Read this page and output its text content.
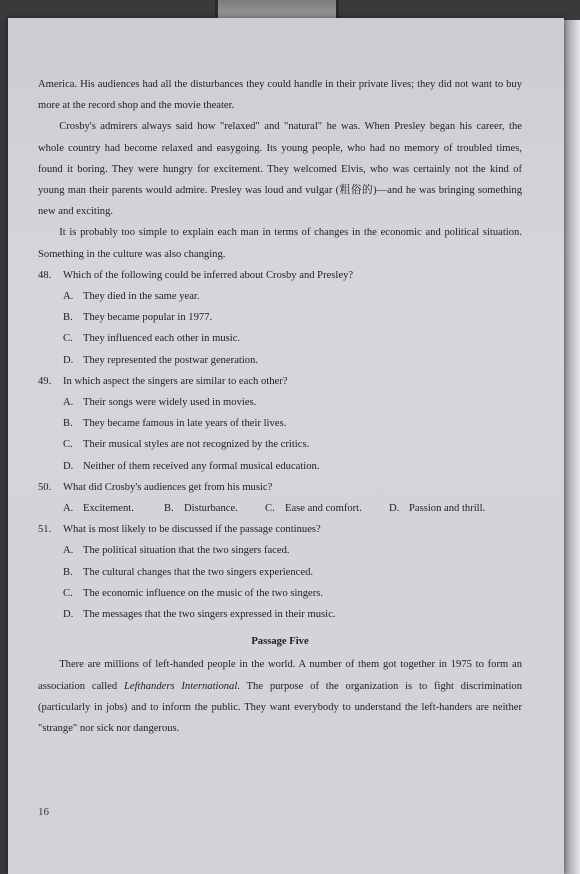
America. His audiences had all the disturbances they could handle in their private lives; they did not want to buy more at the record shop and the movie theater.

Crosby's admirers always said how "relaxed" and "natural" he was. When Presley began his career, the whole country had become relaxed and easygoing. Its young people, who had no memory of troubled times, found it boring. They were hungry for excitement. They welcomed Elvis, who was certainly not the kind of young man their parents would admire. Presley was loud and vulgar (粗俗的)—and he was bringing something new and exciting.

It is probably too simple to explain each man in terms of changes in the economic and political situation. Something in the culture was also changing.

48. Which of the following could be inferred about Crosby and Presley?
A. They died in the same year.
B. They became popular in 1977.
C. They influenced each other in music.
D. They represented the postwar generation.
49. In which aspect the singers are similar to each other?
A. Their songs were widely used in movies.
B. They became famous in late years of their lives.
C. Their musical styles are not recognized by the critics.
D. Neither of them received any formal musical education.
50. What did Crosby's audiences get from his music?
A. Excitement.	B. Disturbance.	C. Ease and comfort.	D. Passion and thrill.
51. What is most likely to be discussed if the passage continues?
A. The political situation that the two singers faced.
B. The cultural changes that the two singers experienced.
C. The economic influence on the music of the two singers.
D. The messages that the two singers expressed in their music.
Passage Five

There are millions of left-handed people in the world. A number of them got together in 1975 to form an association called Lefthanders International. The purpose of the organization is to fight discrimination (particularly in jobs) and to inform the public. They want everybody to understand the left-handers are neither "strange" nor sick nor dangerous.

16
